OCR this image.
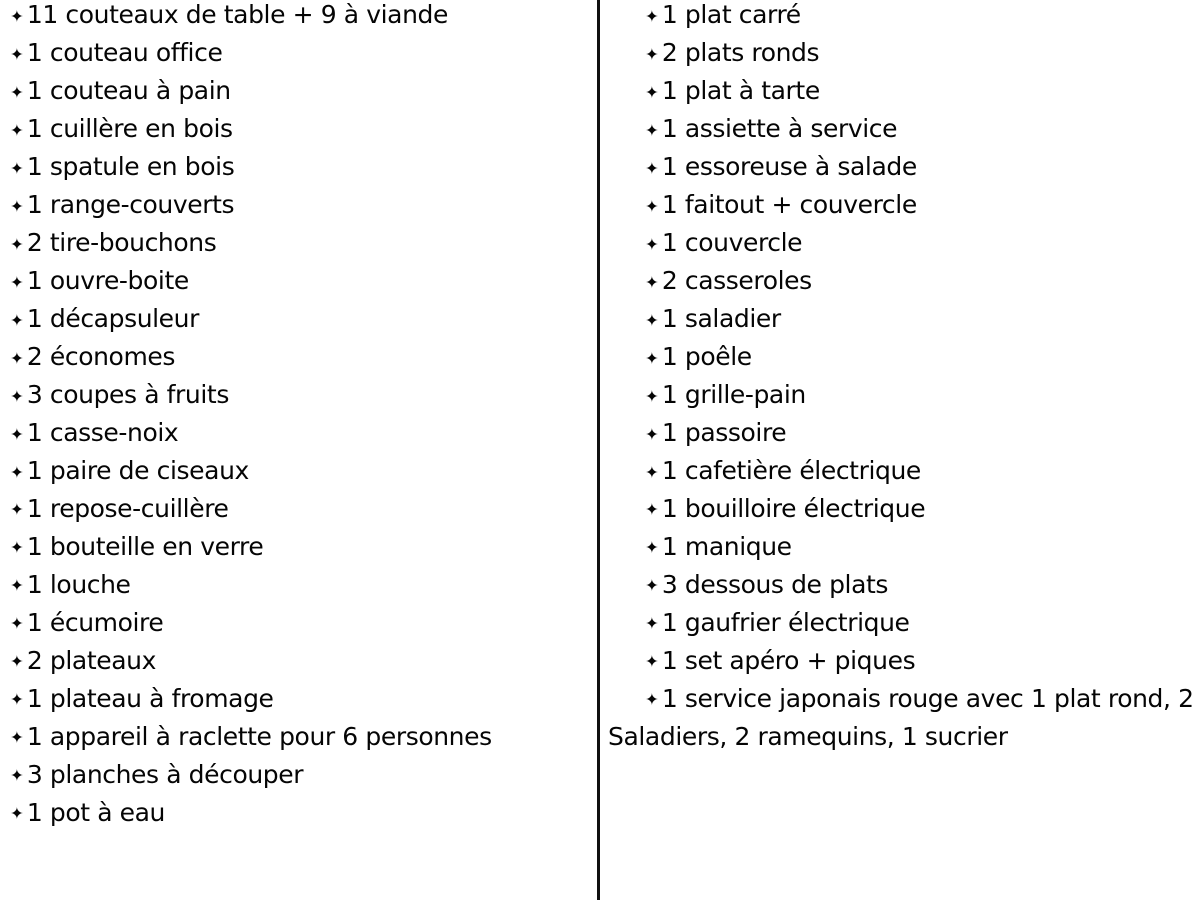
✦ 11 couteaux de table + 9 à viande
✦ 1 couteau office
✦ 1 couteau à pain
✦ 1 cuillère en bois
✦ 1 spatule en bois
✦ 1 range-couverts
✦ 2 tire-bouchons
✦ 1 ouvre-boite
✦ 1 décapsuleur
✦ 2 économes
✦ 3 coupes à fruits
✦ 1 casse-noix
✦ 1 paire de ciseaux
✦ 1 repose-cuillère
✦ 1 bouteille en verre
✦ 1 louche
✦ 1 écumoire
✦ 2 plateaux
✦ 1 plateau à fromage
✦ 1 appareil à raclette pour 6 personnes
✦ 3 planches à découper
✦ 1 pot à eau
✦ 1 plat carré
✦ 2 plats ronds
✦ 1 plat à tarte
✦ 1 assiette à service
✦ 1 essoreuse à salade
✦ 1 faitout + couvercle
✦ 1 couvercle
✦ 2 casseroles
✦ 1 saladier
✦ 1 poêle
✦ 1 grille-pain
✦ 1 passoire
✦ 1 cafetière électrique
✦ 1 bouilloire électrique
✦ 1 manique
✦ 3 dessous de plats
✦ 1 gaufrier électrique
✦ 1 set apéro + piques
✦ 1 service japonais rouge avec 1 plat rond, 2 Saladiers, 2 ramequins, 1 sucrier
